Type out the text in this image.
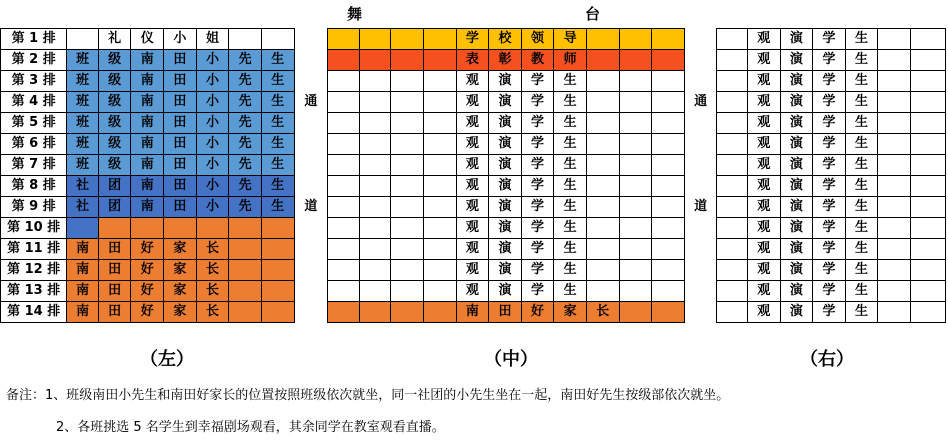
舞	台
第 1 排		礼	仪	小	姐								学	校	领	导						观	演	学	生		
第 2 排	班	级	南	田	小	先	生						表	彰	教	师						观	演	学	生		
第 3 排	班	级	南	田	小	先	生						观	演	学	生						观	演	学	生		
第 4 排	班	级	南	田	小	先	生	通					观	演	学	生				通		观	演	学	生		
第 5 排	班	级	南	田	小	先	生						观	演	学	生						观	演	学	生		
第 6 排	班	级	南	田	小	先	生						观	演	学	生						观	演	学	生		
第 7 排	班	级	南	田	小	先	生						观	演	学	生						观	演	学	生		
第 8 排	社	团	南	田	小	先	生						观	演	学	生						观	演	学	生		
第 9 排	社	团	南	田	小	先	生	道					观	演	学	生				道		观	演	学	生		
第 10 排													观	演	学	生						观	演	学	生		
第 11 排	南	田	好	家	长								观	演	学	生						观	演	学	生		
第 12 排	南	田	好	家	长								观	演	学	生						观	演	学	生		
第 13 排	南	田	好	家	长								观	演	学	生						观	演	学	生		
第 14 排	南	田	好	家	长								南	田	好	家	长					观	演	学	生		
（左）	（中）	（右）
备注：1、班级南田小先生和南田好家长的位置按照班级依次就坐，同一社团的小先生坐在一起，南田好先生按级部依次就坐。
2、各班挑选 5 名学生到幸福剧场观看，其余同学在教室观看直播。
